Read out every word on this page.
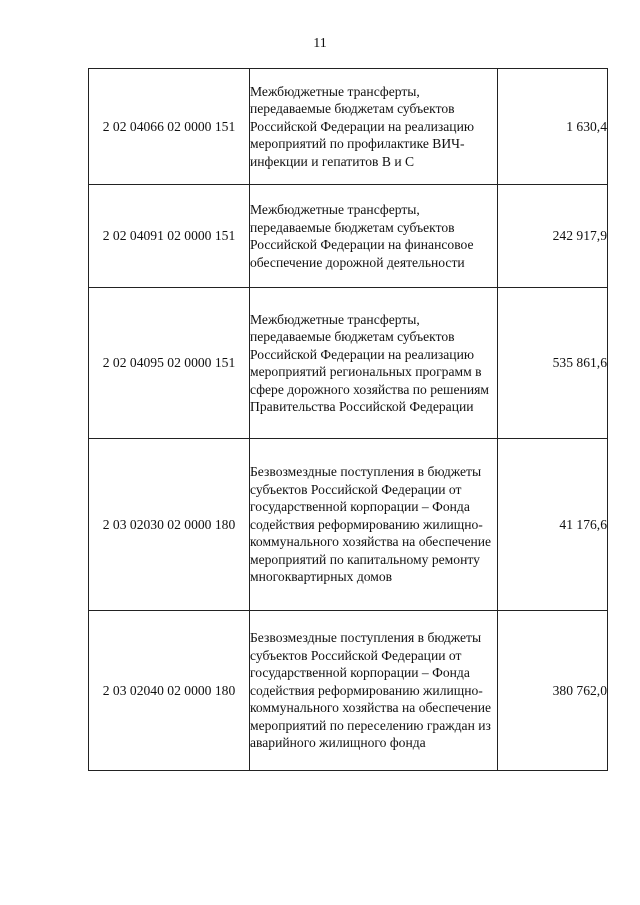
11
2 02 04066 02 0000 151	Межбюджетные трансферты, передаваемые бюджетам субъектов Российской Федерации на реализацию мероприятий по профилактике ВИЧ-инфекции и гепатитов В и С	1 630,4
2 02 04091 02 0000 151	Межбюджетные трансферты, передаваемые бюджетам субъектов Российской Федерации на финансовое обеспечение дорожной деятельности	242 917,9
2 02 04095 02 0000 151	Межбюджетные трансферты, передаваемые бюджетам субъектов Российской Федерации на реализацию мероприятий региональных программ в сфере дорожного хозяйства по решениям Правительства Российской Федерации	535 861,6
2 03 02030 02 0000 180	Безвозмездные поступления в бюджеты субъектов Российской Федерации от государственной корпорации – Фонда содействия реформированию жилищно-коммунального хозяйства на обеспечение мероприятий по капитальному ремонту многоквартирных домов	41 176,6
2 03 02040 02 0000 180	Безвозмездные поступления в бюджеты субъектов Российской Федерации от государственной корпорации – Фонда содействия реформированию жилищно-коммунального хозяйства на обеспечение мероприятий по переселению граждан из аварийного жилищного фонда	380 762,0
